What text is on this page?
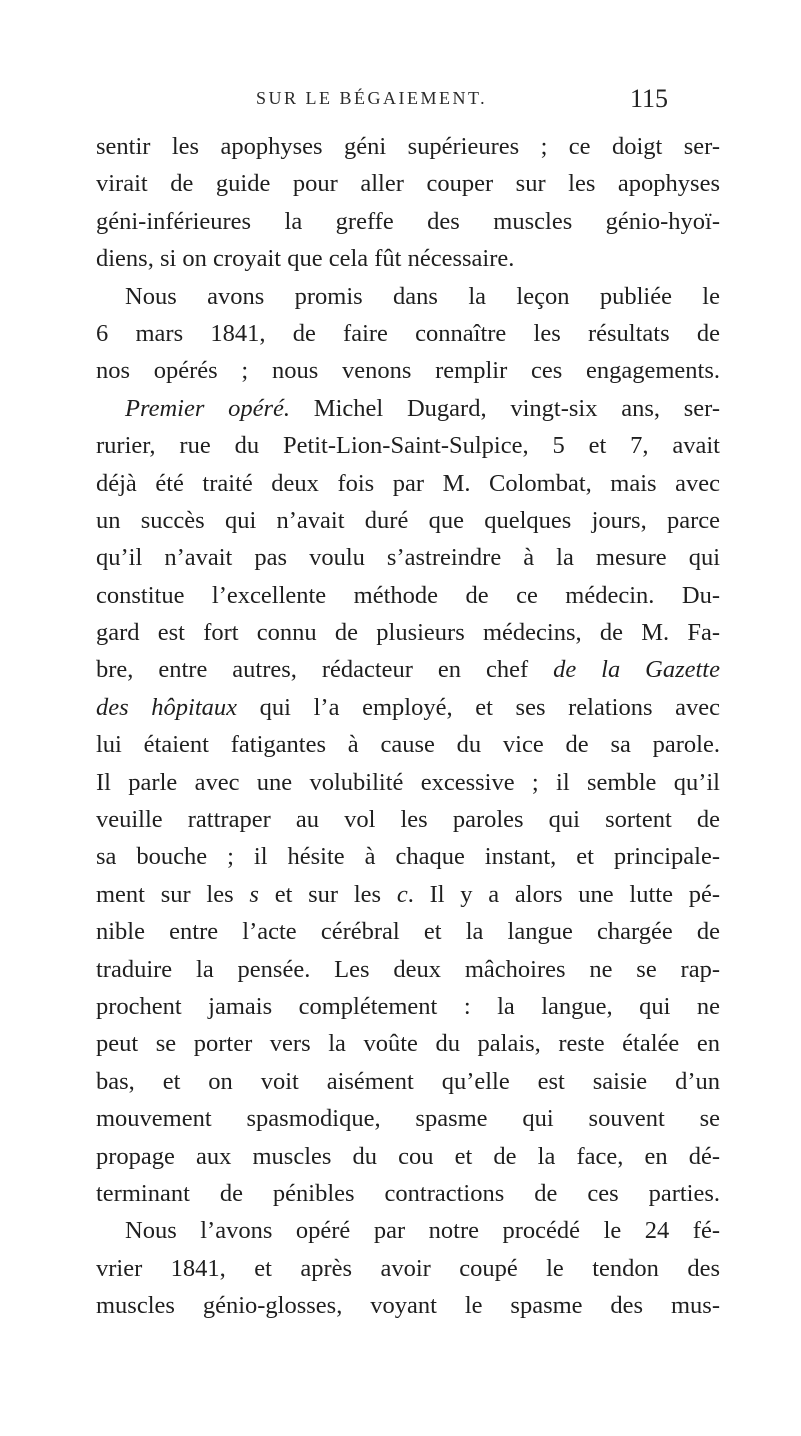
SUR LE BÉGAIEMENT.	115
sentir les apophyses géni supérieures ; ce doigt ser-
virait de guide pour aller couper sur les apophyses
géni-inférieures la greffe des muscles génio-hyoï-
diens, si on croyait que cela fût nécessaire.
Nous avons promis dans la leçon publiée le
6 mars 1841, de faire connaître les résultats de
nos opérés ; nous venons remplir ces engagements.
Premier opéré. Michel Dugard, vingt-six ans, ser-
rurier, rue du Petit-Lion-Saint-Sulpice, 5 et 7, avait
déjà été traité deux fois par M. Colombat, mais avec
un succès qui n’avait duré que quelques jours, parce
qu’il n’avait pas voulu s’astreindre à la mesure qui
constitue l’excellente méthode de ce médecin. Du-
gard est fort connu de plusieurs médecins, de M. Fa-
bre, entre autres, rédacteur en chef de la Gazette
des hôpitaux qui l’a employé, et ses relations avec
lui étaient fatigantes à cause du vice de sa parole.
Il parle avec une volubilité excessive ; il semble qu’il
veuille rattraper au vol les paroles qui sortent de
sa bouche ; il hésite à chaque instant, et principale-
ment sur les s et sur les c. Il y a alors une lutte pé-
nible entre l’acte cérébral et la langue chargée de
traduire la pensée. Les deux mâchoires ne se rap-
prochent jamais complétement : la langue, qui ne
peut se porter vers la voûte du palais, reste étalée en
bas, et on voit aisément qu’elle est saisie d’un
mouvement spasmodique, spasme qui souvent se
propage aux muscles du cou et de la face, en dé-
terminant de pénibles contractions de ces parties.
Nous l’avons opéré par notre procédé le 24 fé-
vrier 1841, et après avoir coupé le tendon des
muscles génio-glosses, voyant le spasme des mus-
